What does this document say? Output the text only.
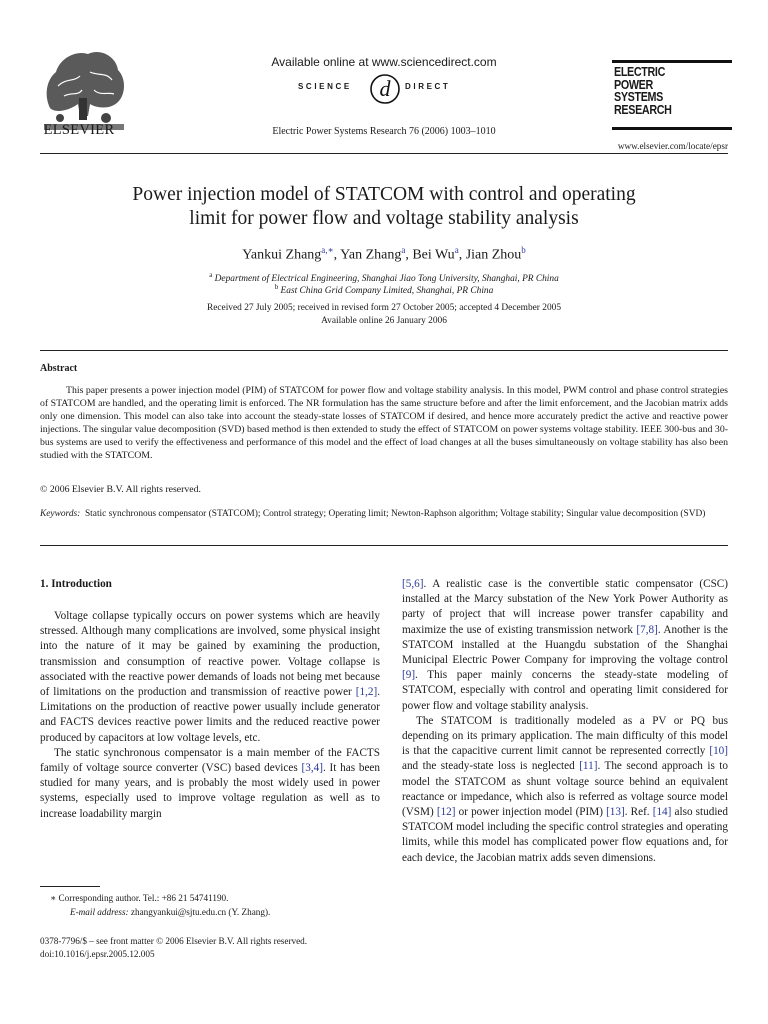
ELSEVIER
Available online at www.sciencedirect.com
d
SCIENCE	DIRECT
Electric Power Systems Research 76 (2006) 1003–1010
ELECTRIC
POWER
SYSTEMS
RESEARCH
www.elsevier.com/locate/epsr
Power injection model of STATCOM with control and operating
limit for power flow and voltage stability analysis
Yankui Zhang$^{a,∗}$, Yan Zhang$^a$, Bei Wu$^a$, Jian Zhou$^b$
$^a$ Department of Electrical Engineering, Shanghai Jiao Tong University, Shanghai, PR China
$^b$ East China Grid Company Limited, Shanghai, PR China
Received 27 July 2005; received in revised form 27 October 2005; accepted 4 December 2005
Available online 26 January 2006
Abstract

This paper presents a power injection model (PIM) of STATCOM for power flow and voltage stability analysis. In this model, PWM control and phase control strategies of STATCOM are handled, and the operating limit is enforced. The NR formulation has the same structure before and after the limit enforcement, and the Jacobian matrix adds only one dimension. This model can also take into account the steady-state losses of STATCOM if desired, and hence more accurately predict the active and reactive power injections. The singular value decomposition (SVD) based method is then extended to study the effect of STATCOM on power systems voltage stability. IEEE 300-bus and 30-bus systems are used to verify the effectiveness and performance of this model and the effect of load changes at all the buses simultaneously on voltage stability has also been studied with the STATCOM.

© 2006 Elsevier B.V. All rights reserved.
Keywords: Static synchronous compensator (STATCOM); Control strategy; Operating limit; Newton-Raphson algorithm; Voltage stability; Singular value decomposition (SVD)
1. Introduction

Voltage collapse typically occurs on power systems which are heavily stressed. Although many complications are involved, some physical insight into the nature of it may be gained by examining the production, transmission and consumption of reactive power. Voltage collapse is associated with the reactive power demands of loads not being met because of limitations on the production and transmission of reactive power [1,2]. Limitations on the production of reactive power usually include generator and FACTS devices reactive power limits and the reduced reactive power produced by capacitors at low voltage levels, etc.

The static synchronous compensator is a main member of the FACTS family of voltage source converter (VSC) based devices [3,4]. It has been studied for many years, and is probably the most widely used in power systems, especially used to improve voltage regulation as well as to increase loadability margin

[5,6]. A realistic case is the convertible static compensator (CSC) installed at the Marcy substation of the New York Power Authority as party of project that will increase power transfer capability and maximize the use of existing transmission network [7,8]. Another is the STATCOM installed at the Huangdu substation of the Shanghai Municipal Electric Power Company for improving the voltage control [9]. This paper mainly concerns the steady-state modeling of STATCOM, especially with control and operating limit considered for power flow and voltage stability analysis.

The STATCOM is traditionally modeled as a PV or PQ bus depending on its primary application. The main difficulty of this model is that the capacitive current limit cannot be represented correctly [10] and the steady-state loss is neglected [11]. The second approach is to model the STATCOM as shunt voltage source behind an equivalent reactance or impedance, which also is referred as voltage source model (VSM) [12] or power injection model (PIM) [13]. Ref. [14] also studied STATCOM model including the specific control strategies and operating limits, while this model has complicated power flow equations and, for each device, the Jacobian matrix adds seven dimensions.

∗ Corresponding author. Tel.: +86 21 54741190.
E-mail address: zhangyankui@sjtu.edu.cn (Y. Zhang).
0378-7796/$ – see front matter © 2006 Elsevier B.V. All rights reserved.
doi:10.1016/j.epsr.2005.12.005
